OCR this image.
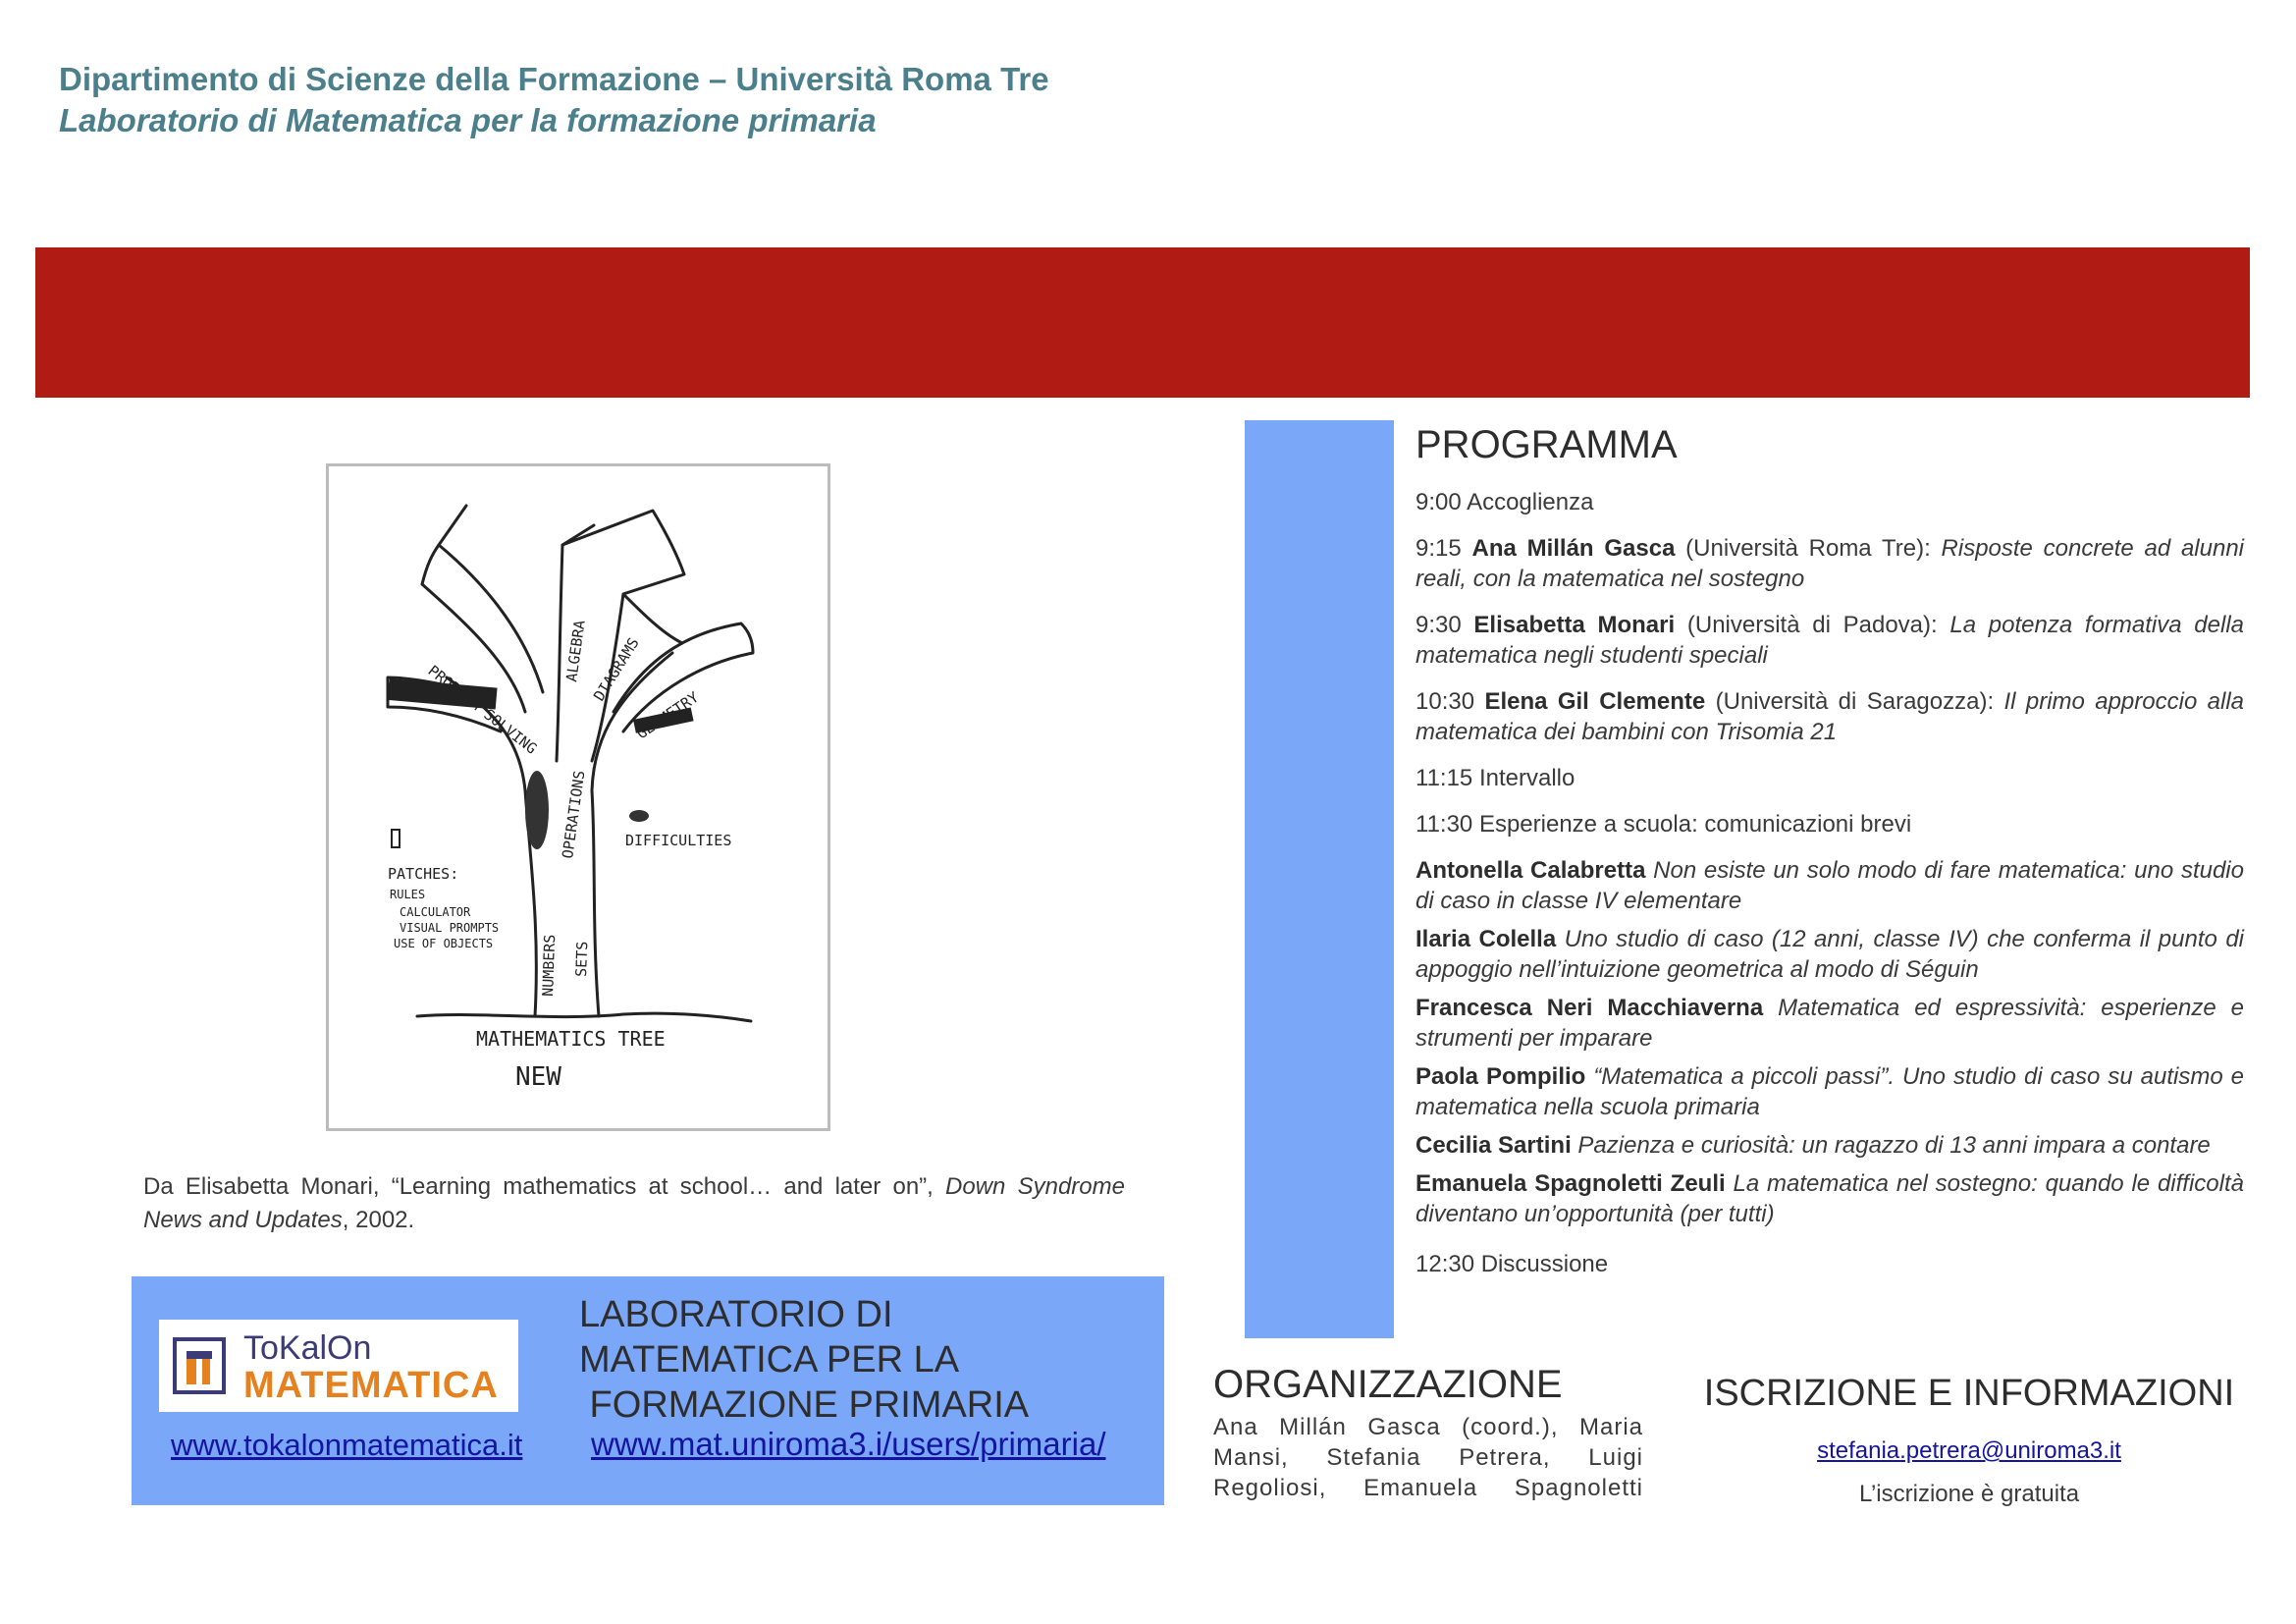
Dipartimento di Scienze della Formazione – Università Roma Tre
Laboratorio di Matematica per la formazione primaria
PROBLEM SOLVING
ALGEBRA DIAGRAMS
GEOMETRY
OPERATIONS
NUMBERS SETS
DIFFICULTIES
PATCHES:
RULES
CALCULATOR
VISUAL PROMPTS
USE OF OBJECTS
MATHEMATICS TREE
NEW
Da Elisabetta Monari, “Learning mathematics at school… and later on”, Down Syndrome News and Updates, 2002.
ToKalOn
MATEMATICA
LABORATORIO DI
MATEMATICA PER LA
FORMAZIONE PRIMARIA
www.tokalonmatematica.it www.mat.uniroma3.i/users/primaria/
PROGRAMMA
9:00 Accoglienza
9:15 Ana Millán Gasca (Università Roma Tre): Risposte concrete ad alunni reali, con la matematica nel sostegno
9:30 Elisabetta Monari (Università di Padova): La potenza formativa della matematica negli studenti speciali
10:30 Elena Gil Clemente (Università di Saragozza): Il primo approccio alla matematica dei bambini con Trisomia 21
11:15 Intervallo
11:30 Esperienze a scuola: comunicazioni brevi
Antonella Calabretta Non esiste un solo modo di fare matematica: uno studio di caso in classe IV elementare
Ilaria Colella Uno studio di caso (12 anni, classe IV) che conferma il punto di appoggio nell’intuizione geometrica al modo di Séguin
Francesca Neri Macchiaverna Matematica ed espressività: esperienze e strumenti per imparare
Paola Pompilio “Matematica a piccoli passi”. Uno studio di caso su autismo e matematica nella scuola primaria
Cecilia Sartini Pazienza e curiosità: un ragazzo di 13 anni impara a contare
Emanuela Spagnoletti Zeuli La matematica nel sostegno: quando le difficoltà diventano un’opportunità (per tutti)
12:30 Discussione
ORGANIZZAZIONE
Ana Millán Gasca (coord.), Maria Mansi, Stefania Petrera, Luigi Regoliosi, Emanuela Spagnoletti
ISCRIZIONE E INFORMAZIONI
stefania.petrera@uniroma3.it
L’iscrizione è gratuita
